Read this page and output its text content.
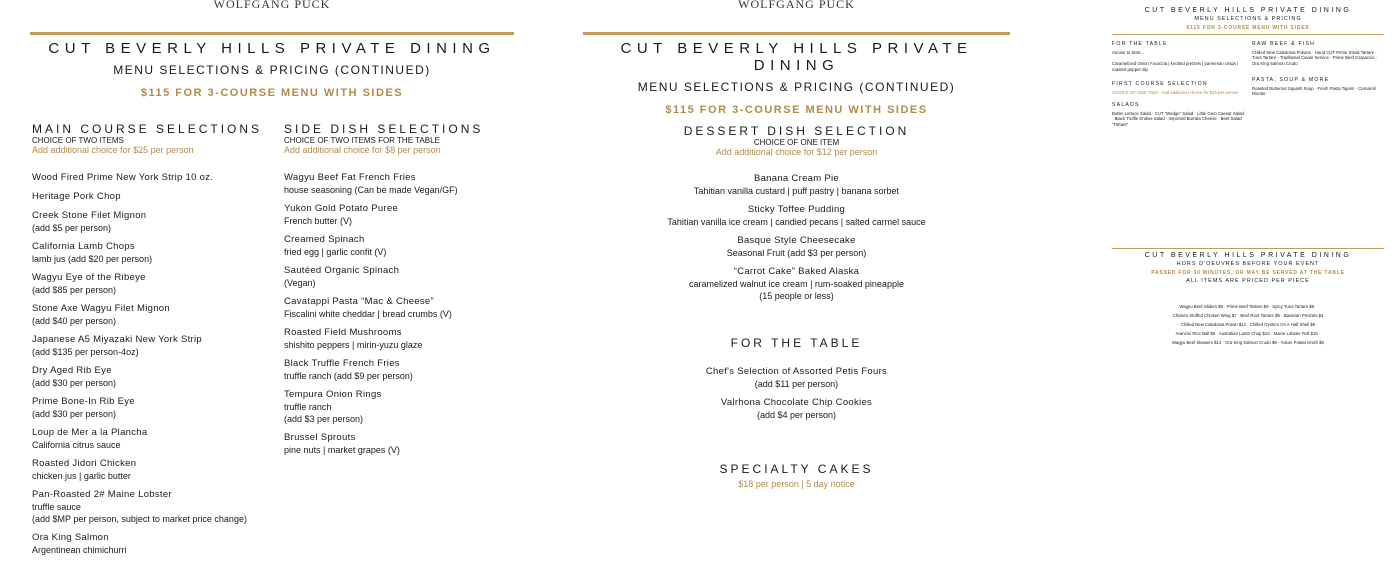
WOLFGANG PUCK
CUT BEVERLY HILLS PRIVATE DINING
MENU SELECTIONS & PRICING (CONTINUED)
$115 FOR 3-COURSE MENU WITH SIDES
MAIN COURSE SELECTIONS
CHOICE OF TWO ITEMS
Add additional choice for $25 per person
Wood Fired Prime New York Strip 10 oz.
Heritage Pork Chop
Creek Stone Filet Mignon
(add $5 per person)
California Lamb Chops
lamb jus (add $20 per person)
Wagyu Eye of the Ribeye
(add $85 per person)
Stone Axe Wagyu Filet Mignon
(add $40 per person)
Japanese A5 Miyazaki New York Strip
(add $135 per person-4oz)
Dry Aged Rib Eye
(add $30 per person)
Prime Bone-In Rib Eye
(add $30 per person)
Loup de Mer a la Plancha
California citrus sauce
Roasted Jidori Chicken
chicken jus | garlic butter
Pan-Roasted 2# Maine Lobster
truffle sauce
(add $MP per person, subject to market price change)
Ora King Salmon
Argentinean chimichurri
SIDE DISH SELECTIONS
CHOICE OF TWO ITEMS FOR THE TABLE
Add additional choice for $8 per person
Wagyu Beef Fat French Fries
house seasoning (Can be made Vegan/GF)
Yukon Gold Potato Puree
French butter (V)
Creamed Spinach
fried egg | garlic confit (V)
Sautéed Organic Spinach
(Vegan)
Cavatappi Pasta “Mac & Cheese”
Fiscalini white cheddar | bread crumbs (V)
Roasted Field Mushrooms
shishito peppers | mirin-yuzu glaze
Black Truffle French Fries
truffle ranch (add $9 per person)
Tempura Onion Rings
truffle ranch
(add $3 per person)
Brussel Sprouts
pine nuts | market grapes (V)
WOLFGANG PUCK
CUT BEVERLY HILLS PRIVATE DINING
MENU SELECTIONS & PRICING (CONTINUED)
$115 FOR 3-COURSE MENU WITH SIDES
DESSERT DISH SELECTION
CHOICE OF ONE ITEM
Add additional choice for $12 per person
Banana Cream Pie
Tahitian vanilla custard | puff pastry | banana sorbet
Sticky Toffee Pudding
Tahitian vanilla ice cream | candied pecans | salted carmel sauce
Basque Style Cheesecake
Seasonal Fruit (add $3 per person)
“Carrot Cake” Baked Alaska
caramelized walnut ice cream | rum-soaked pineapple
(15 people or less)
FOR THE TABLE
Chef's Selection of Assorted Petis Fours
(add $11 per person)
Valrhona Chocolate Chip Cookies
(add $4 per person)
SPECIALTY CAKES
$18 per person | 5 day notice
CUT BEVERLY HILLS PRIVATE DINING
MENU SELECTIONS & PRICING
$115 FOR 3-COURSE MENU WITH SIDES
FOR THE TABLE
Amuse to Start...
Caramelized Onion Focaccia | knotted pretzels | parmesan crisps | roasted pepper dip
FIRST COURSE SELECTION
CHOICE OF ONE ITEM · Add additional choice for $25 per person
SALADS
Butter Lettuce Salad · CUT “Wedge” Salad · Little Gem Caesar Salad · Black Truffle Endive Salad · Imported Burrata Cheese · Beet Salad “Tartare”
RAW BEEF & FISH
Chilled New Caledonia Prawns · Hand CUT Prime Steak Tartare · Tuna Tartare · Traditional Caviar Service · Prime Beef Carpaccio · Ora King Salmon Crudo
PASTA, SOUP & MORE
Roasted Butternut Squash Soup · Fresh Pasta Tajarin · Carnaroli Risotto
CUT BEVERLY HILLS PRIVATE DINING
HORS D'OEUVRES BEFORE YOUR EVENT
PASSED FOR 30 MINUTES, OR MAY BE SERVED AT THE TABLE
ALL ITEMS ARE PRICED PER PIECE
Wagyu Beef Sliders $9 · Prime Beef Tartare $9 · Spicy Tuna Tartare $9 · Chicken Stuffed Chicken Wing $7 · Beef Root Tartare $6 · Bavarian Pretzels $4 · Chilled New Caledonia Prawn $12 · Chilled Oysters On A Half Shell $6 · Arancini Rice Ball $5 · Australian Lamb Chop $24 · Maine Lobster Roll $16 · Wagyu Beef Skewers $14 · Ora King Salmon Crudo $9 · Yukon Potato Knish $8
